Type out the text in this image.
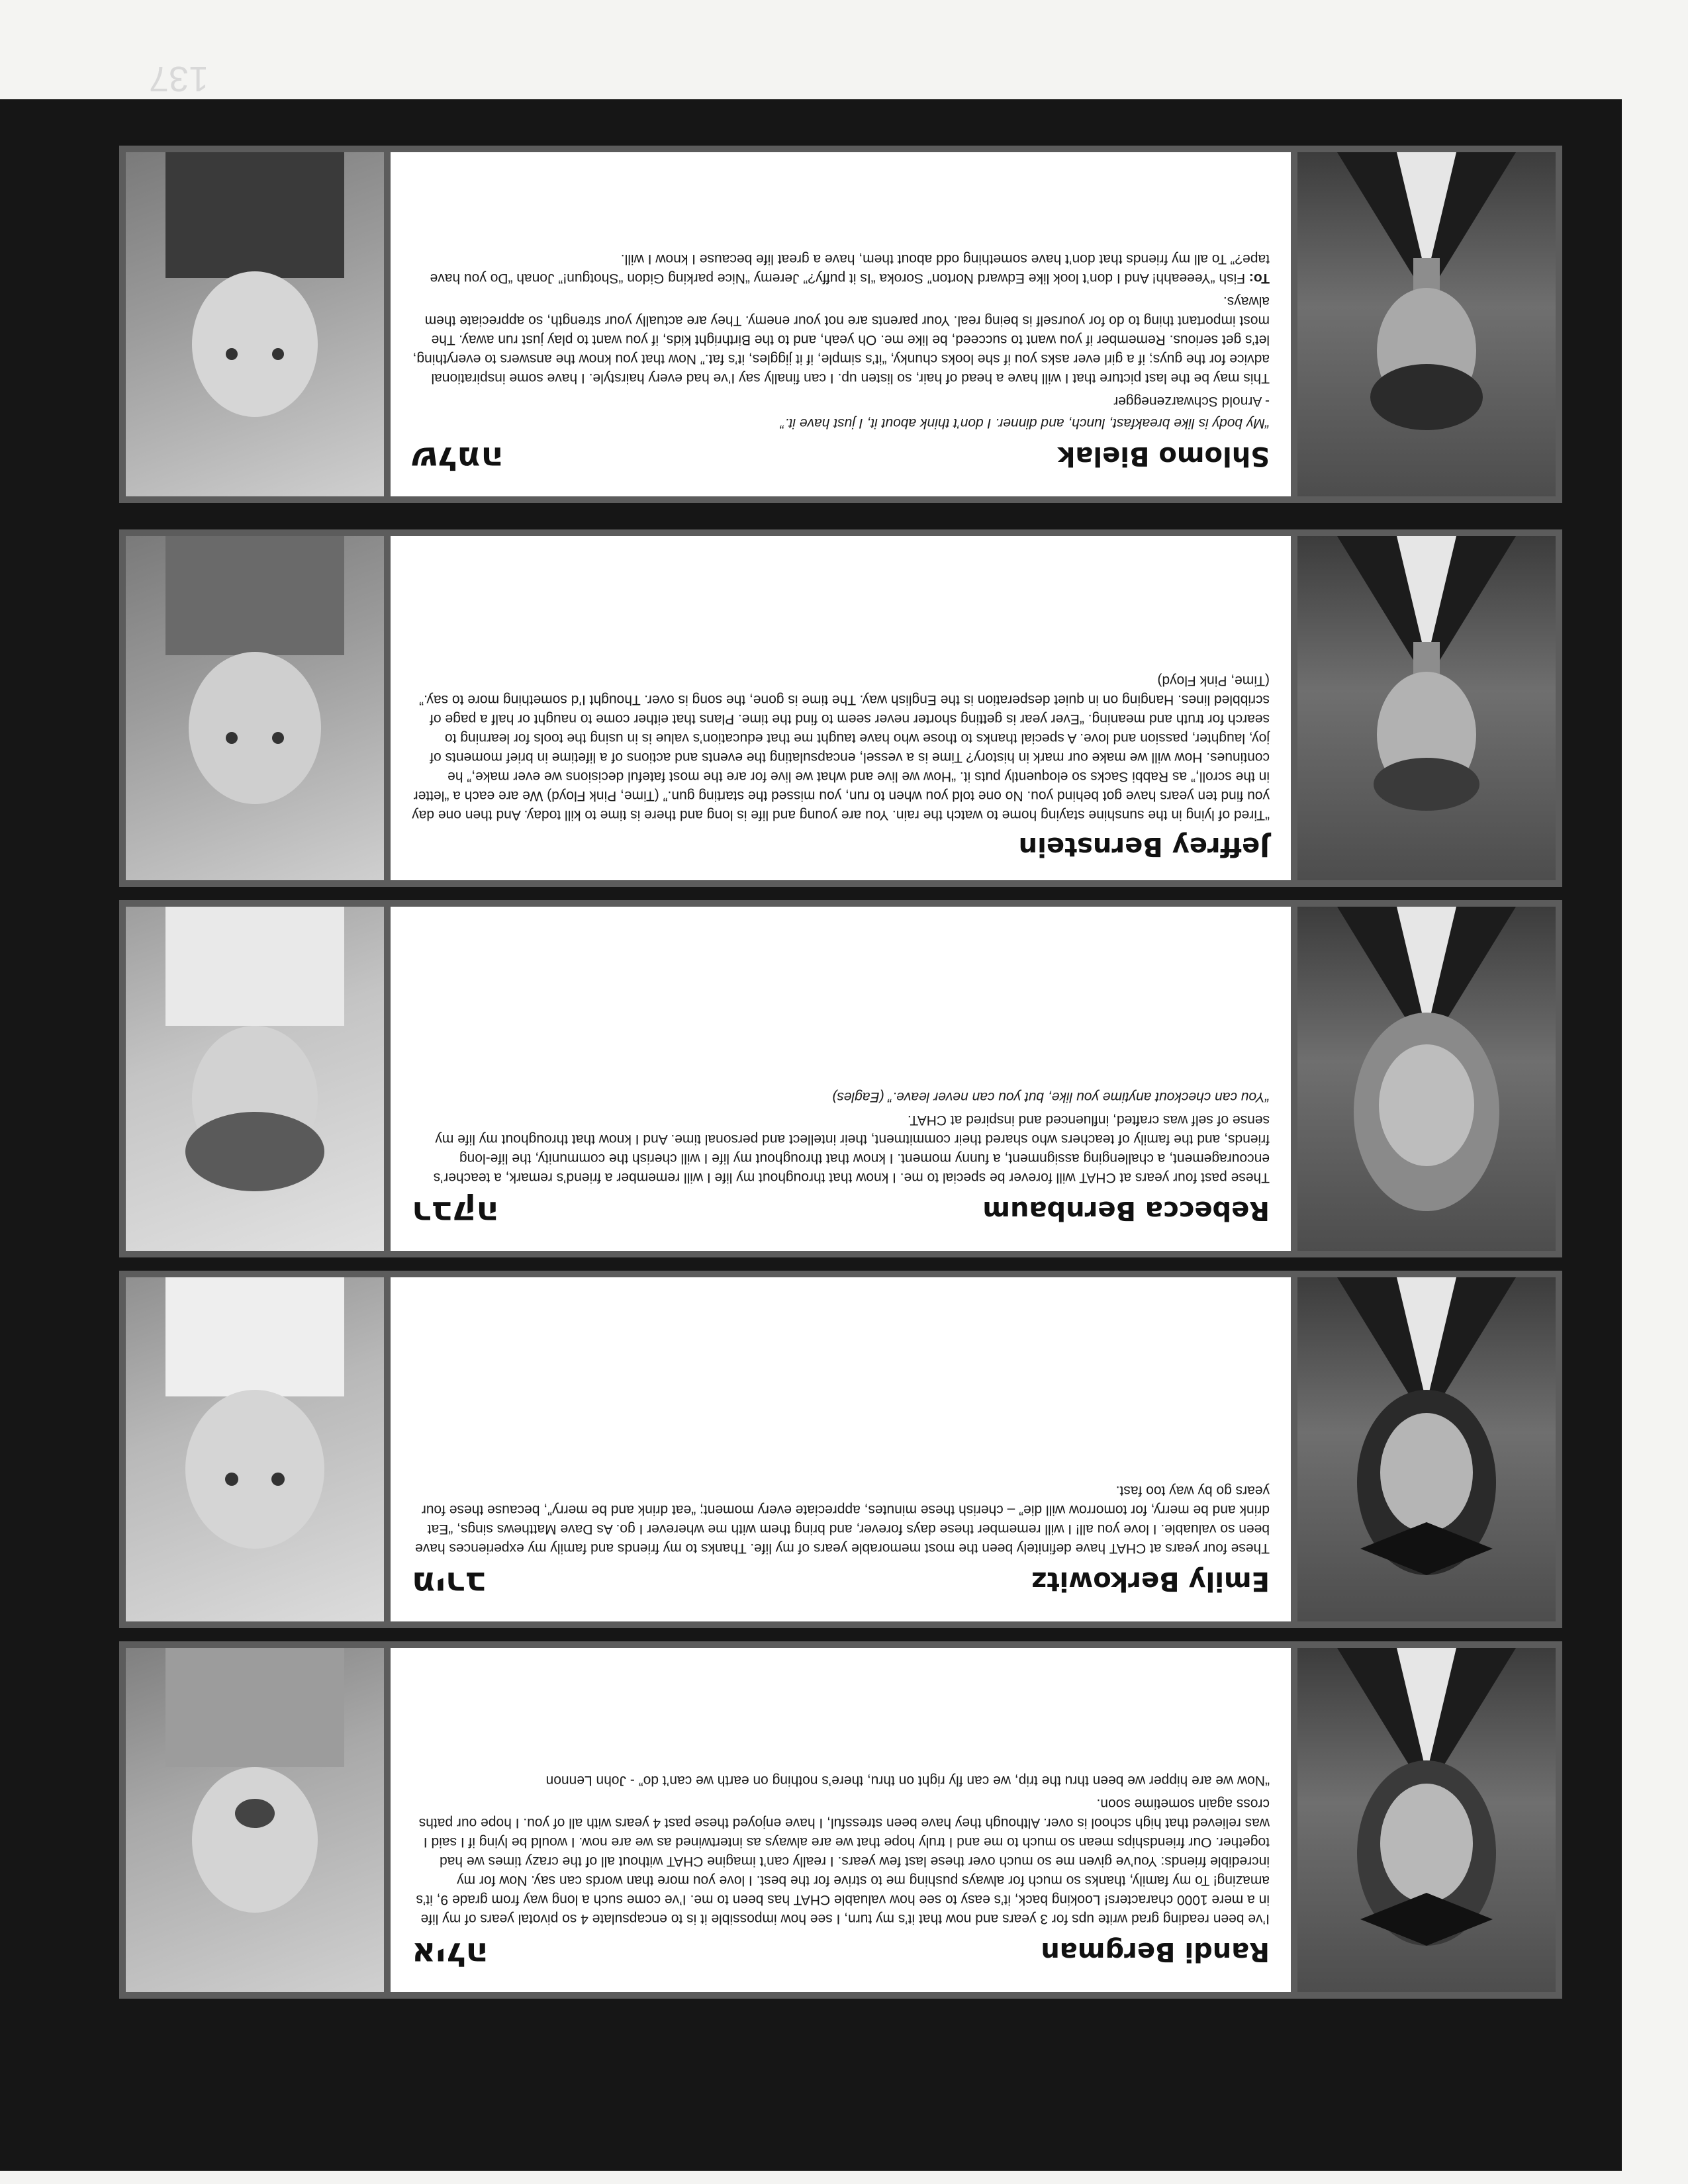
137
Shlomo Bielak
שלמה

“My body is like breakfast, lunch, and dinner. I don’t think about it, I just have it.”

- Arnold Schwarzenegger

This may be the last picture that I will have a head of hair, so listen up. I can finally say I’ve had every hairstyle. I have some inspirational advice for the guys; if a girl ever asks you if she looks chunky, “it’s simple, if it jiggles, it’s fat.” Now that you know the answers to everything, let’s get serious. Remember if you want to succeed, be like me. Oh yeah, and to the Birthright kids, if you want to play just run away. The most important thing to do for yourself is being real. Your parents are not your enemy. They are actually your strength, so appreciate them always.

To: Fish “Yeeeahh! And I don’t look like Edward Norton” Soroka “Is it puffy?” Jeremy “Nice parking Gidon “Shotgun!” Jonah “Do you have tape?” To all my friends that don’t have something odd about them, have a great life because I know I will.

Jeffrey Bernstein

“Tired of lying in the sunshine staying home to watch the rain. You are young and life is long and there is time to kill today. And then one day you find ten years have got behind you. No one told you when to run, you missed the starting gun.” (Time, Pink Floyd) We are each a “letter in the scroll,” as Rabbi Sacks so eloquently puts it. “How we live and what we live for are the most fateful decisions we ever make,” he continues. How will we make our mark in history? Time is a vessel, encapsulating the events and actions of a lifetime in brief moments of joy, laughter, passion and love. A special thanks to those who have taught me that education’s value is in using the tools for learning to search for truth and meaning. “Ever year is getting shorter never seem to find the time. Plans that either come to naught or half a page of scribbled lines. Hanging on in quiet desperation is the English way. The time is gone, the song is over. Thought I’d something more to say.” (Time, Pink Floyd)

Rebecca Bernbaum
רבקה

These past four years at CHAT will forever be special to me. I know that throughout my life I will remember a friend’s remark, a teacher’s encouragement, a challenging assignment, a funny moment. I know that throughout my life I will cherish the community, the life-long friends, and the family of teachers who shared their commitment, their intellect and personal time. And I know that throughout my life my sense of self was crafted, influenced and inspired at CHAT.

“You can checkout anytime you like, but you can never leave.” (Eagles)

Emily Berkowitz
מירב

These four years at CHAT have definitely been the most memorable years of my life. Thanks to my friends and family my experiences have been so valuable. I love you all! I will remember these days forever, and bring them with me wherever I go. As Dave Matthews sings, “Eat drink and be merry, for tomorrow will die” – cherish these minutes, appreciate every moment; “eat drink and be merry”, because these four years go by way too fast.

Randi Bergman
אילה

I’ve been reading grad write ups for 3 years and now that it’s my turn, I see how impossible it is to encapsulate 4 so pivotal years of my life in a mere 1000 characters! Looking back, it’s easy to see how valuable CHAT has been to me. I’ve come such a long way from grade 9, it’s amazing! To my family, thanks so much for always pushing me to strive for the best. I love you more than words can say. Now for my incredible friends: You’ve given me so much over these last few years. I really can’t imagine CHAT without all of the crazy times we had together. Our friendships mean so much to me and I truly hope that we are always as intertwined as we are now. I would be lying if I said I was relieved that high school is over. Although they have been stressful, I have enjoyed these past 4 years with all of you. I hope our paths cross again sometime soon.

“Now we are hipper we been thru the trip, we can fly right on thru, there’s nothing on earth we can’t do” - John Lennon
